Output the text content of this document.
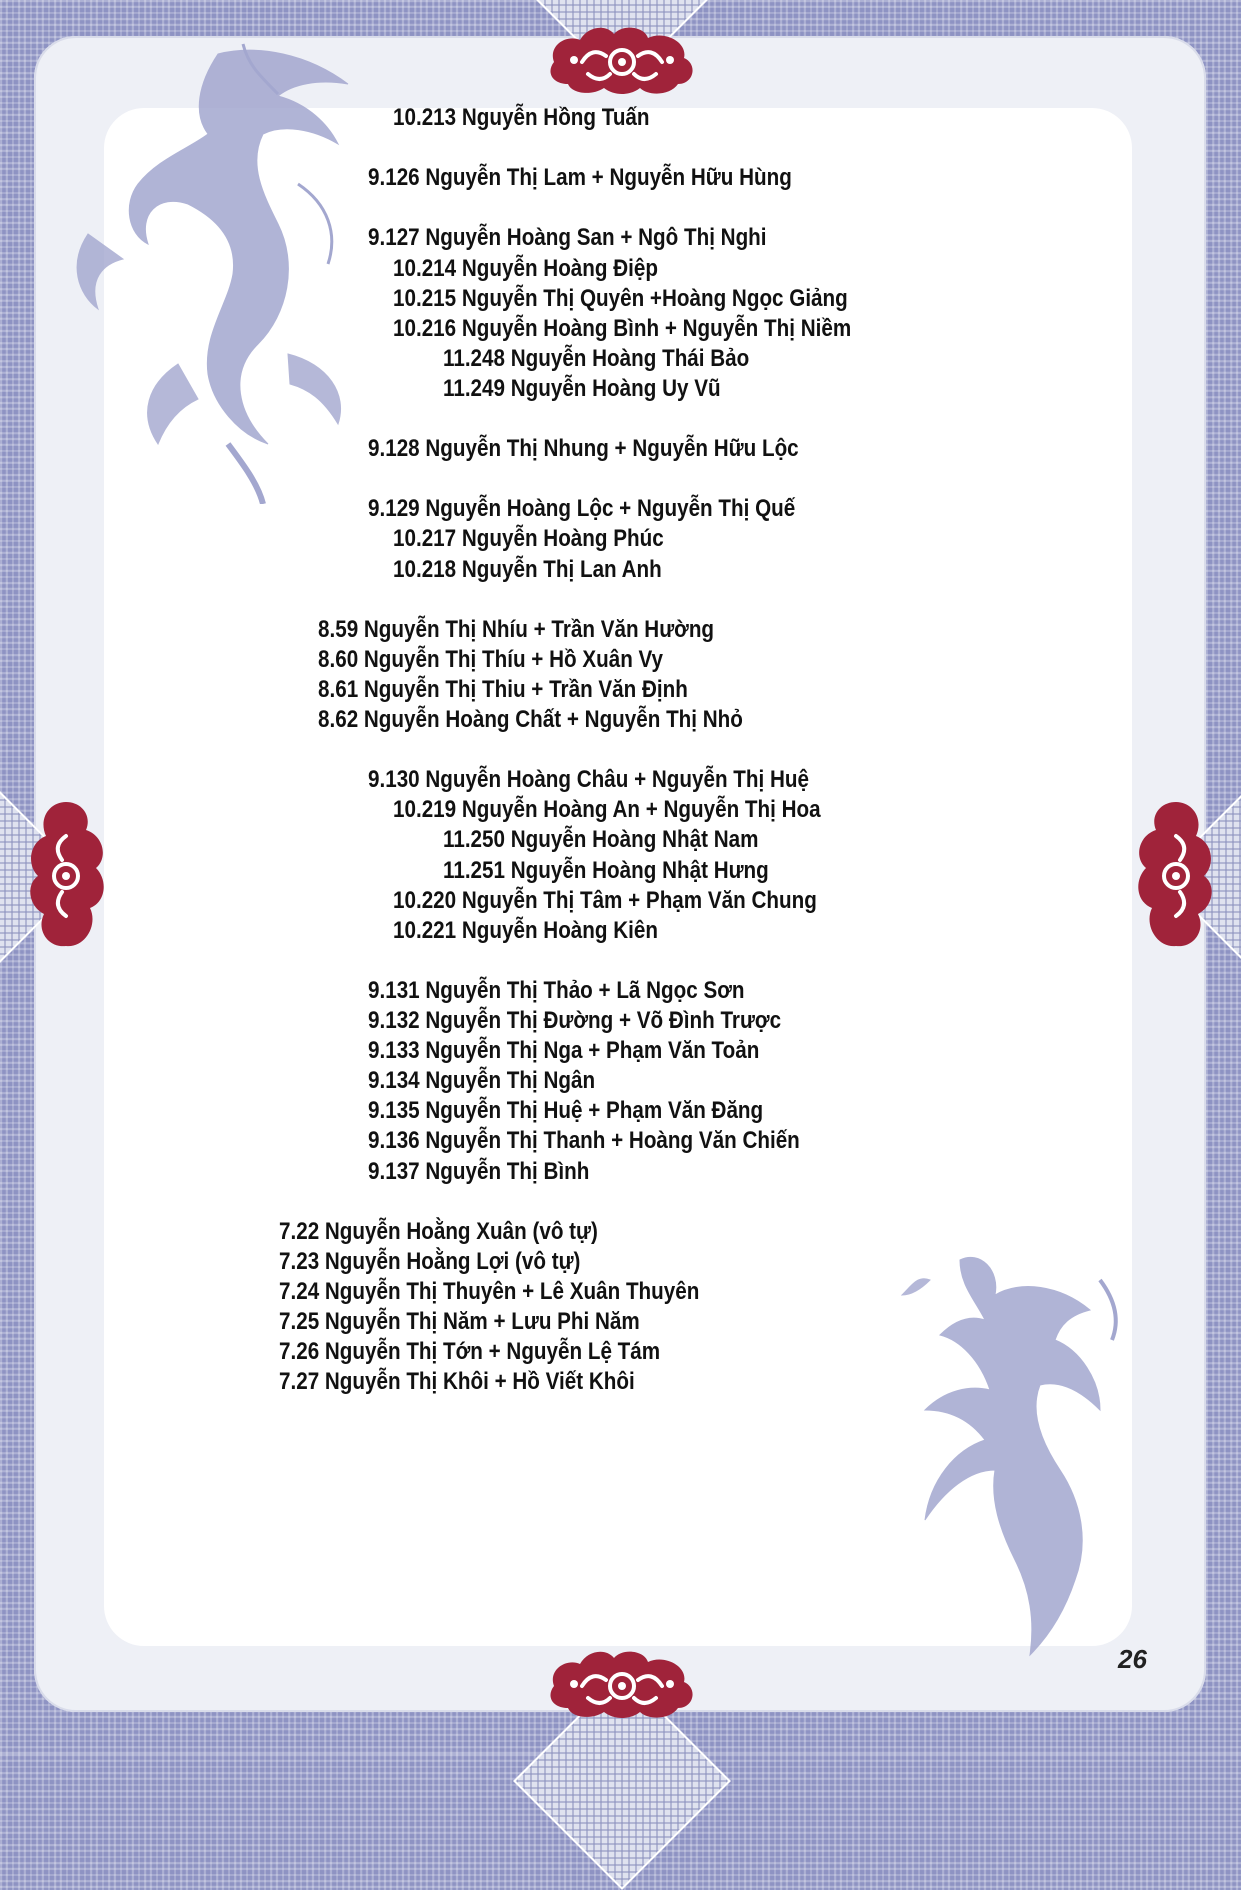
10.213 Nguyễn Hồng Tuấn
9.126 Nguyễn Thị Lam + Nguyễn Hữu Hùng
9.127 Nguyễn Hoàng San + Ngô Thị Nghi
10.214 Nguyễn Hoàng Điệp
10.215 Nguyễn Thị Quyên +Hoàng Ngọc Giảng
10.216 Nguyễn Hoàng Bình + Nguyễn Thị Niềm
11.248 Nguyễn Hoàng Thái Bảo
11.249 Nguyễn Hoàng Uy Vũ
9.128 Nguyễn Thị Nhung + Nguyễn Hữu Lộc
9.129 Nguyễn Hoàng Lộc + Nguyễn Thị Quế
10.217 Nguyễn Hoàng Phúc
10.218 Nguyễn Thị Lan Anh
8.59 Nguyễn Thị Nhíu + Trần Văn Hường
8.60 Nguyễn Thị Thíu + Hồ Xuân Vy
8.61 Nguyễn Thị Thiu + Trần Văn Định
8.62 Nguyễn Hoàng Chất + Nguyễn Thị Nhỏ
9.130 Nguyễn Hoàng Châu + Nguyễn Thị Huệ
10.219 Nguyễn Hoàng An + Nguyễn Thị Hoa
11.250 Nguyễn Hoàng Nhật Nam
11.251 Nguyễn Hoàng Nhật Hưng
10.220 Nguyễn Thị Tâm + Phạm Văn Chung
10.221 Nguyễn Hoàng Kiên
9.131 Nguyễn Thị Thảo + Lã Ngọc Sơn
9.132 Nguyễn Thị Đường + Võ Đình Trược
9.133 Nguyễn Thị Nga + Phạm Văn Toản
9.134 Nguyễn Thị Ngân
9.135 Nguyễn Thị Huệ + Phạm Văn Đăng
9.136 Nguyễn Thị Thanh + Hoàng Văn Chiến
9.137 Nguyễn Thị Bình
7.22 Nguyễn Hoằng Xuân (vô tự)
7.23 Nguyễn Hoằng Lợi (vô tự)
7.24 Nguyễn Thị Thuyên + Lê Xuân Thuyên
7.25 Nguyễn Thị Năm + Lưu Phi Năm
7.26 Nguyễn Thị Tớn + Nguyễn Lệ Tám
7.27 Nguyễn Thị Khôi + Hồ Viết Khôi
26
